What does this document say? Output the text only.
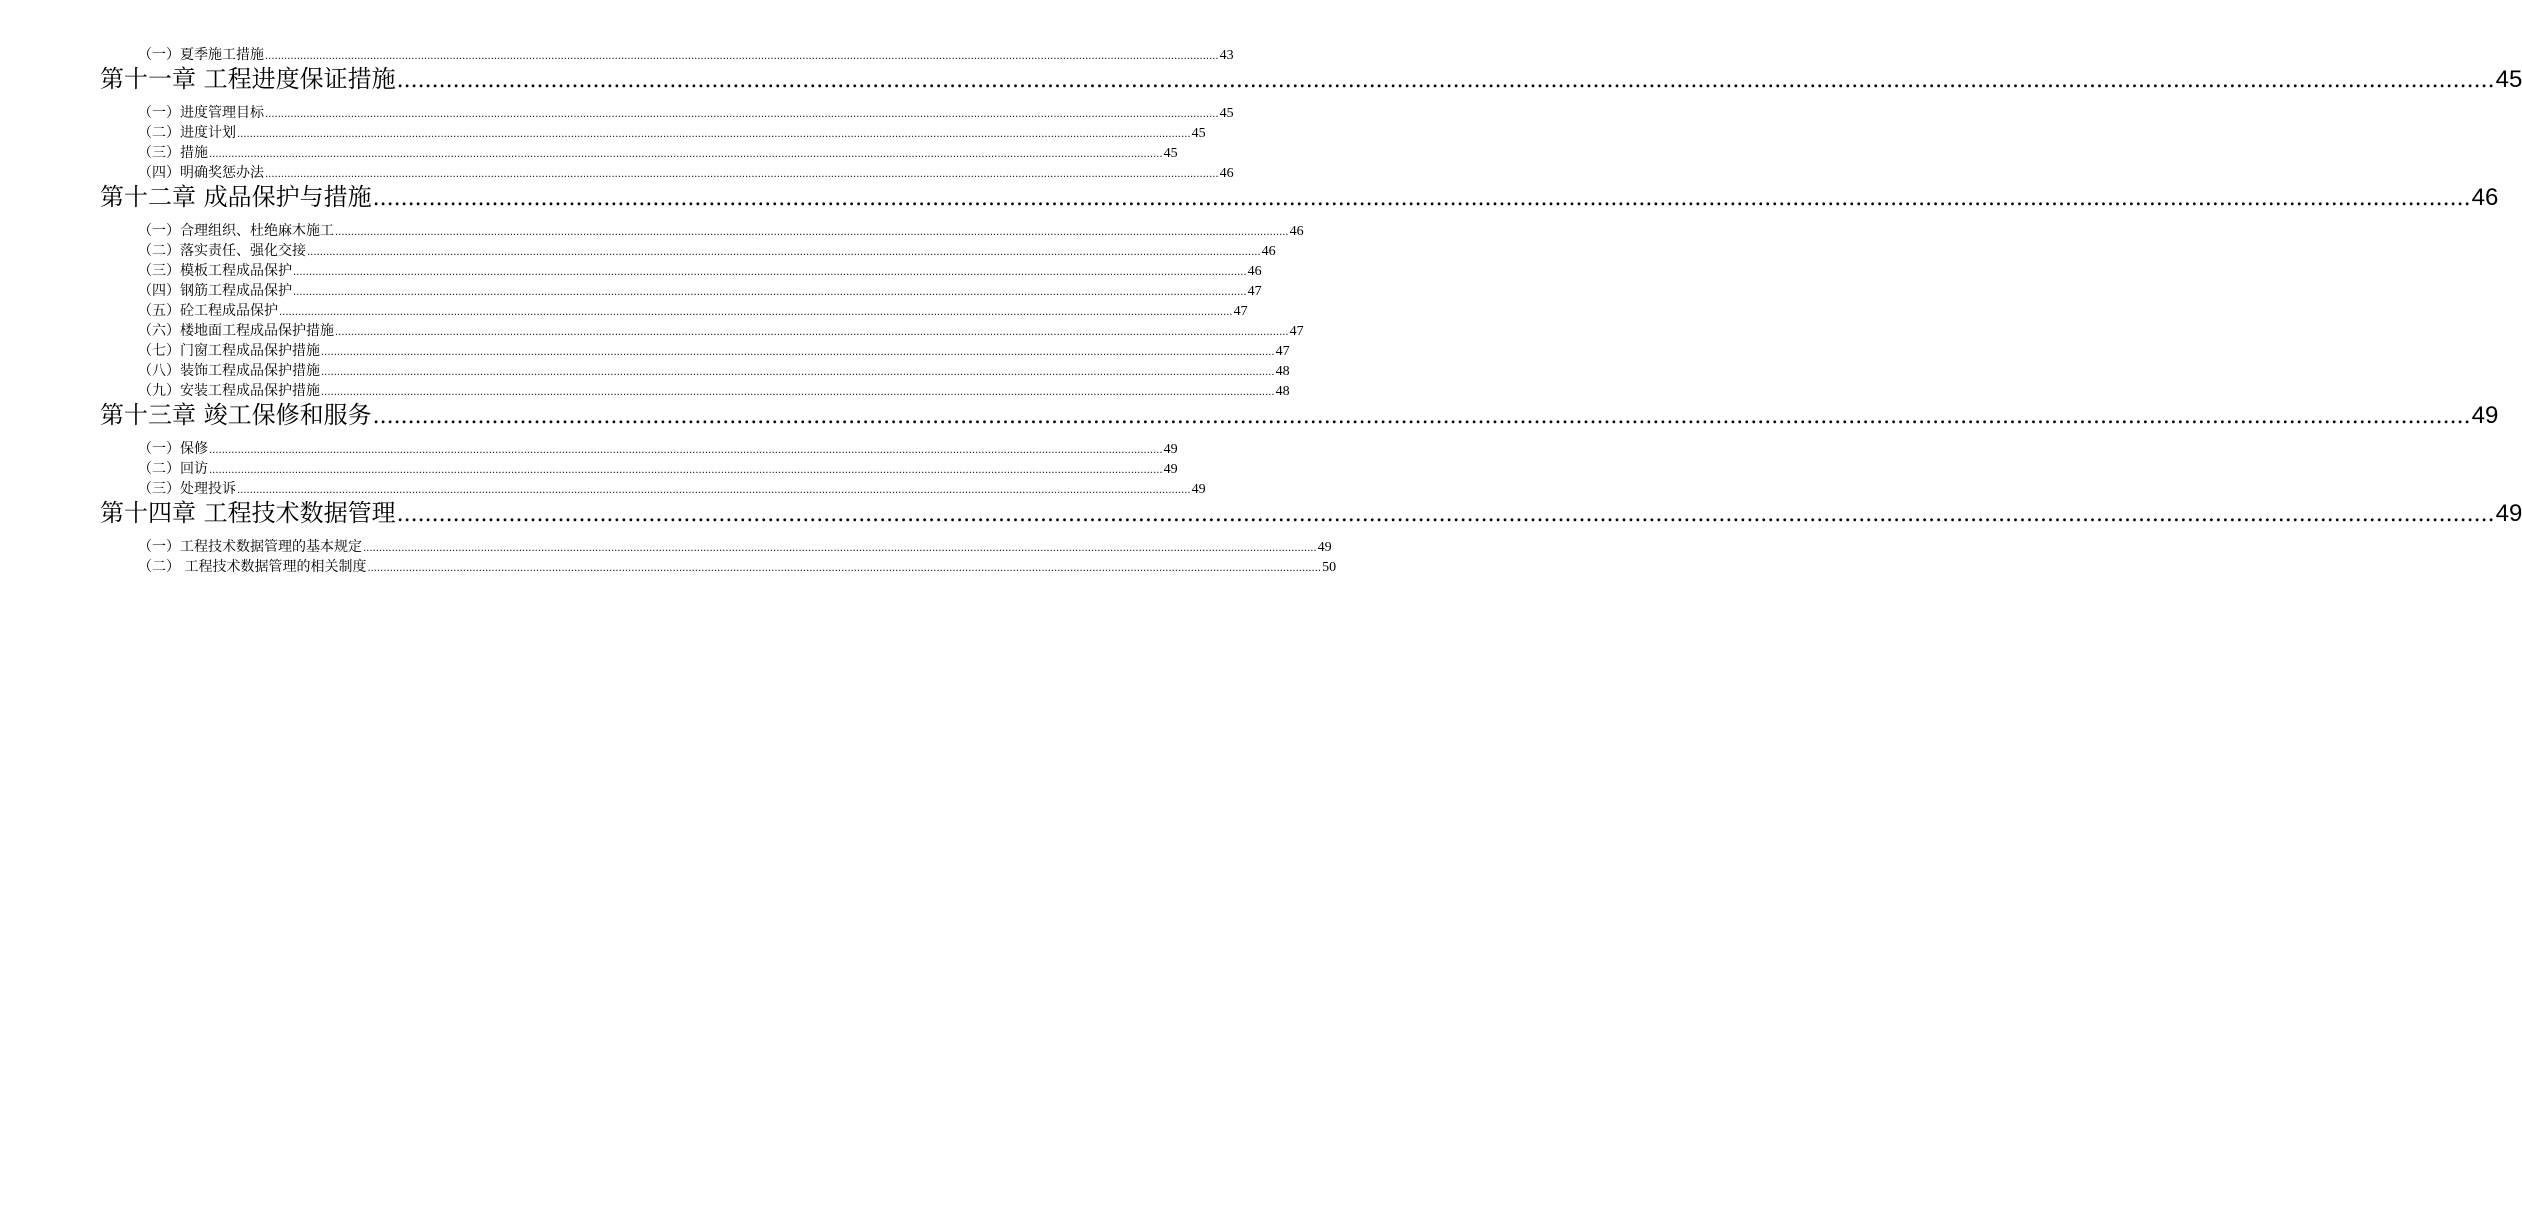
（一）夏季施工措施 ............................................................................................................................................................................................................................................................................................................ 43
第十一章 工程进度保证措施 ............................................................................................................................................................................................................................................................................................................ 45
（一）进度管理目标 ............................................................................................................................................................................................................................................................................................................ 45
（二）进度计划 ............................................................................................................................................................................................................................................................................................................ 45
（三）措施 ............................................................................................................................................................................................................................................................................................................ 45
（四）明确奖惩办法 ............................................................................................................................................................................................................................................................................................................ 46
第十二章 成品保护与措施 ............................................................................................................................................................................................................................................................................................................ 46
（一）合理组织、杜绝麻木施工 ............................................................................................................................................................................................................................................................................................................ 46
（二）落实责任、强化交接 ............................................................................................................................................................................................................................................................................................................ 46
（三）模板工程成品保护 ............................................................................................................................................................................................................................................................................................................ 46
（四）钢筋工程成品保护 ............................................................................................................................................................................................................................................................................................................ 47
（五）砼工程成品保护 ............................................................................................................................................................................................................................................................................................................ 47
（六）楼地面工程成品保护措施 ............................................................................................................................................................................................................................................................................................................ 47
（七）门窗工程成品保护措施 ............................................................................................................................................................................................................................................................................................................ 47
（八）装饰工程成品保护措施 ............................................................................................................................................................................................................................................................................................................ 48
（九）安装工程成品保护措施 ............................................................................................................................................................................................................................................................................................................ 48
第十三章 竣工保修和服务 ............................................................................................................................................................................................................................................................................................................ 49
（一）保修 ............................................................................................................................................................................................................................................................................................................ 49
（二）回访 ............................................................................................................................................................................................................................................................................................................ 49
（三）处理投诉 ............................................................................................................................................................................................................................................................................................................ 49
第十四章 工程技术数据管理 ............................................................................................................................................................................................................................................................................................................ 49
（一）工程技术数据管理的基本规定 ............................................................................................................................................................................................................................................................................................................ 49
（二） 工程技术数据管理的相关制度 ............................................................................................................................................................................................................................................................................................................ 50
